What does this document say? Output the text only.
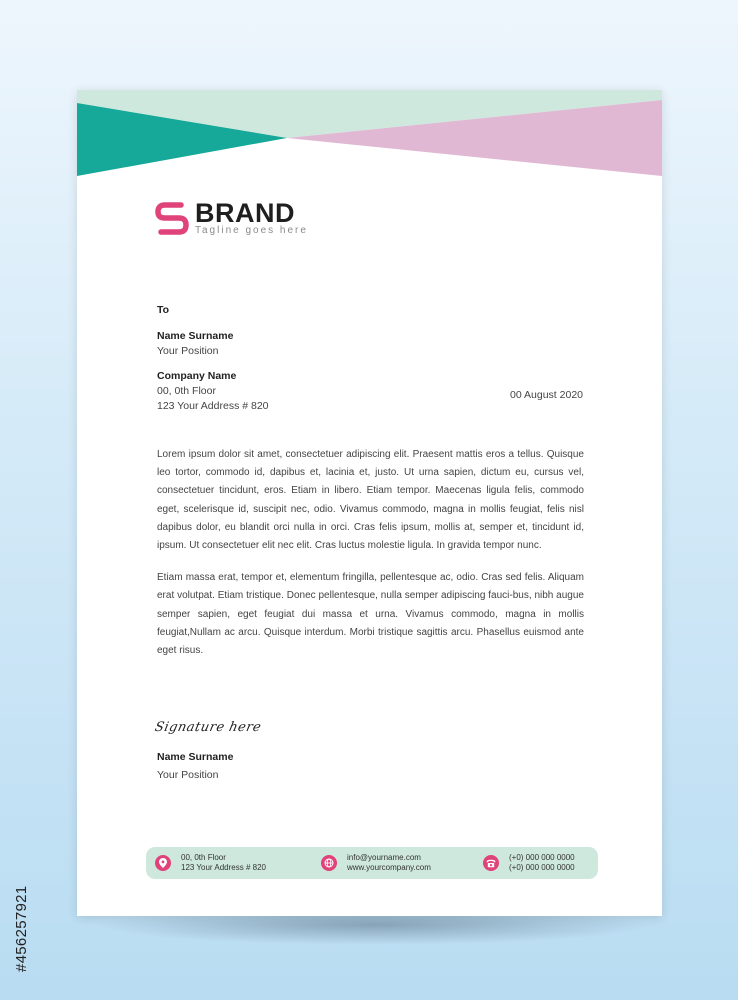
BRAND
Tagline goes here
To
Name Surname
Your Position
Company Name
00, 0th Floor
123 Your Address # 820
00 August 2020

Lorem ipsum dolor sit amet, consectetuer adipiscing elit. Praesent mattis eros a tellus. Quisque leo tortor, commodo id, dapibus et, lacinia et, justo. Ut urna sapien, dictum eu, cursus vel, consectetuer tincidunt, eros. Etiam in libero. Etiam tempor. Maecenas ligula felis, commodo eget, scelerisque id, suscipit nec, odio. Vivamus commodo, magna in mollis feugiat, felis nisl dapibus dolor, eu blandit orci nulla in orci. Cras felis ipsum, mollis at, semper et, tincidunt id, ipsum. Ut consectetuer elit nec elit. Cras luctus molestie ligula. In gravida tempor nunc.

Etiam massa erat, tempor et, elementum fringilla, pellentesque ac, odio. Cras sed felis. Aliquam erat volutpat. Etiam tristique. Donec pellentesque, nulla semper adipiscing fauci-bus, nibh augue semper sapien, eget feugiat dui massa et urna. Vivamus commodo, magna in mollis feugiat,Nullam ac arcu. Quisque interdum. Morbi tristique sagittis arcu. Phasellus euismod ante eget risus.

Signature here
Name Surname
Your Position
00, 0th Floor
123 Your Address # 820
info@yourname.com
www.yourcompany.com
(+0) 000 000 0000
(+0) 000 000 0000
#456257921
